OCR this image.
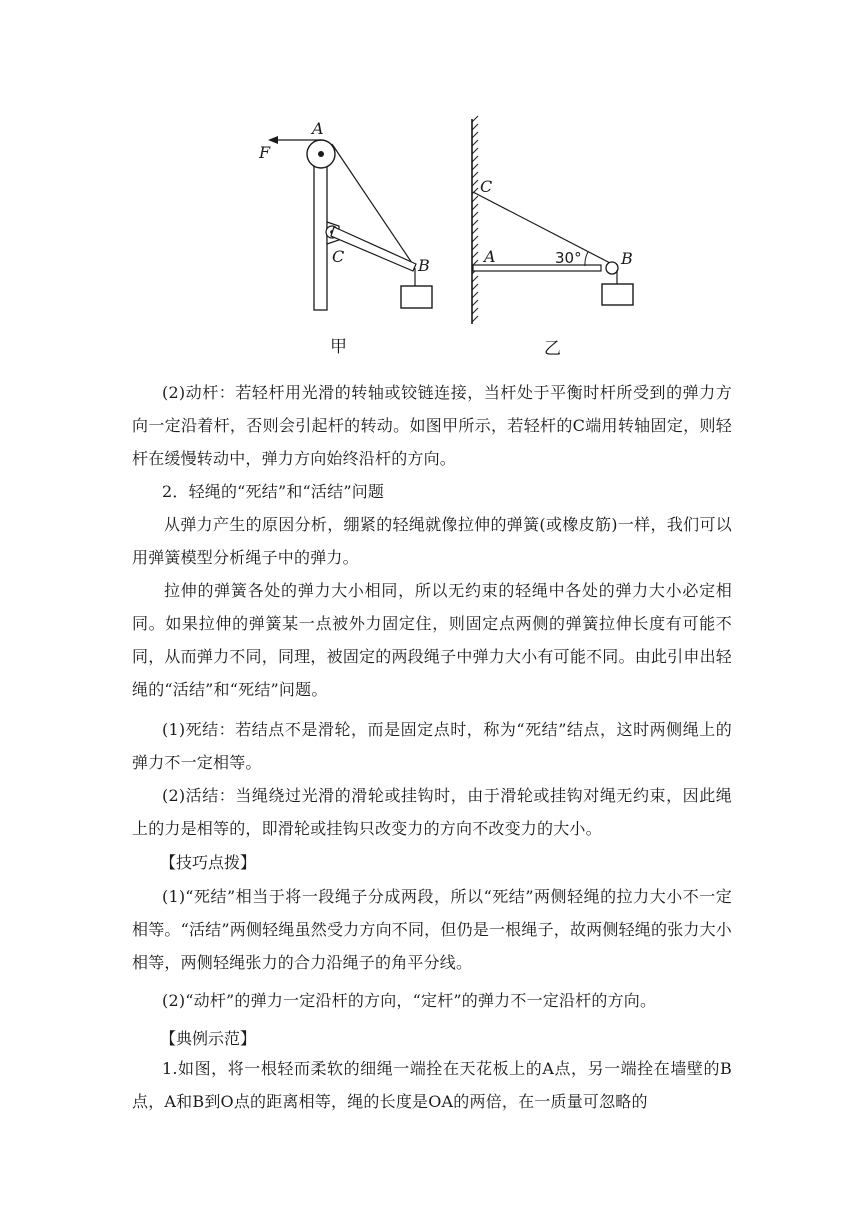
F
A
C	B
甲
C
A	30° B
乙

(2)动杆：若轻杆用光滑的转轴或铰链连接，当杆处于平衡时杆所受到的弹力方向一定沿着杆，否则会引起杆的转动。如图甲所示，若轻杆的C端用转轴固定，则轻杆在缓慢转动中，弹力方向始终沿杆的方向。

2．轻绳的“死结”和“活结”问题

从弹力产生的原因分析，绷紧的轻绳就像拉伸的弹簧(或橡皮筋)一样，我们可以用弹簧模型分析绳子中的弹力。

拉伸的弹簧各处的弹力大小相同，所以无约束的轻绳中各处的弹力大小必定相同。如果拉伸的弹簧某一点被外力固定住，则固定点两侧的弹簧拉伸长度有可能不同，从而弹力不同，同理，被固定的两段绳子中弹力大小有可能不同。由此引申出轻绳的“活结”和“死结”问题。

(1)死结：若结点不是滑轮，而是固定点时，称为“死结”结点，这时两侧绳上的弹力不一定相等。

(2)活结：当绳绕过光滑的滑轮或挂钩时，由于滑轮或挂钩对绳无约束，因此绳上的力是相等的，即滑轮或挂钩只改变力的方向不改变力的大小。

【技巧点拨】

(1)“死结”相当于将一段绳子分成两段，所以“死结”两侧轻绳的拉力大小不一定相等。“活结”两侧轻绳虽然受力方向不同，但仍是一根绳子，故两侧轻绳的张力大小相等，两侧轻绳张力的合力沿绳子的角平分线。

(2)“动杆”的弹力一定沿杆的方向，“定杆”的弹力不一定沿杆的方向。

【典例示范】

1.如图，将一根轻而柔软的细绳一端拴在天花板上的A点，另一端拴在墙壁的B点，A和B到O点的距离相等，绳的长度是OA的两倍，在一质量可忽略的
